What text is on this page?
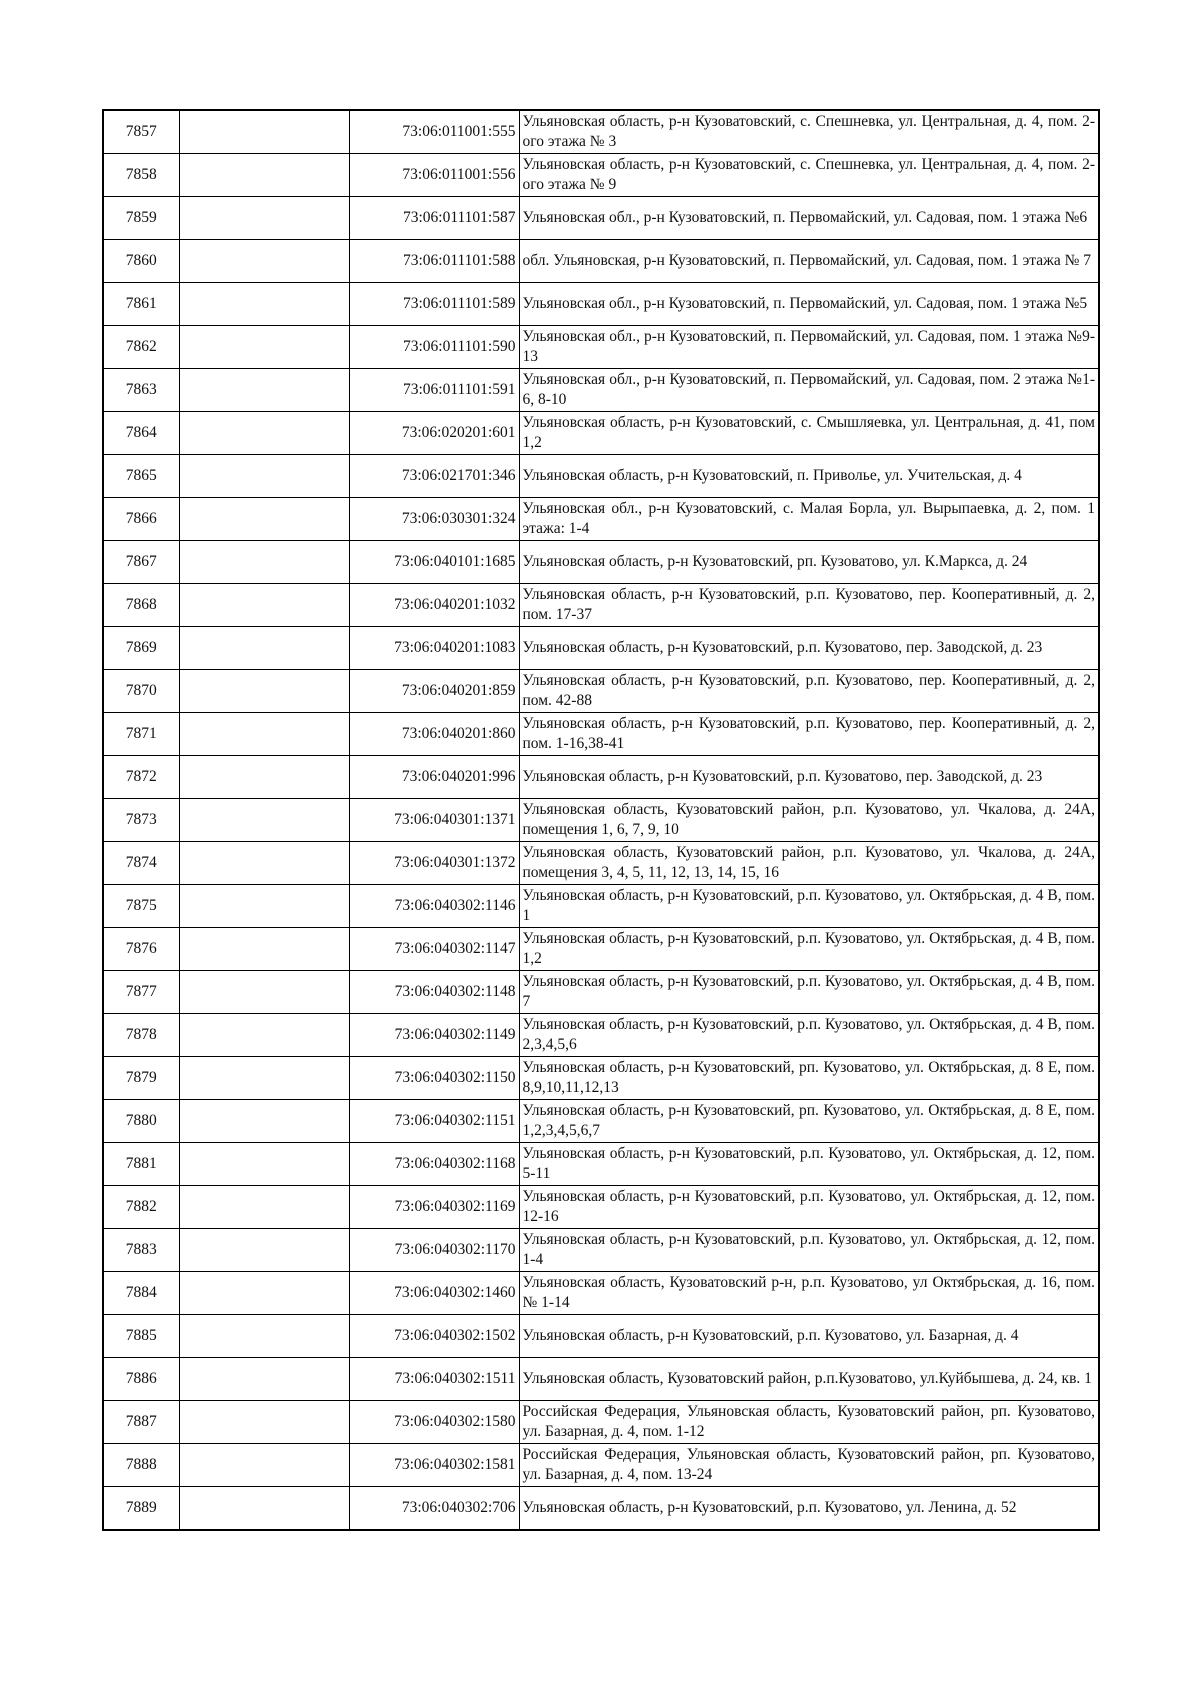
7857		73:06:011001:555	Ульяновская область, р-н Кузоватовский, с. Спешневка, ул. Центральная, д. 4, пом. 2-ого этажа № 3
7858		73:06:011001:556	Ульяновская область, р-н Кузоватовский, с. Спешневка, ул. Центральная, д. 4, пом. 2-ого этажа № 9
7859		73:06:011101:587	Ульяновская обл., р-н Кузоватовский, п. Первомайский, ул. Садовая, пом. 1 этажа №6
7860		73:06:011101:588	обл. Ульяновская, р-н Кузоватовский, п. Первомайский, ул. Садовая, пом. 1 этажа № 7
7861		73:06:011101:589	Ульяновская обл., р-н Кузоватовский, п. Первомайский, ул. Садовая, пом. 1 этажа №5
7862		73:06:011101:590	Ульяновская обл., р-н Кузоватовский, п. Первомайский, ул. Садовая, пом. 1 этажа №9-13
7863		73:06:011101:591	Ульяновская обл., р-н Кузоватовский, п. Первомайский, ул. Садовая, пом. 2 этажа №1-6, 8-10
7864		73:06:020201:601	Ульяновская область, р-н Кузоватовский, с. Смышляевка, ул. Центральная, д. 41, пом 1,2
7865		73:06:021701:346	Ульяновская область, р-н Кузоватовский, п. Приволье, ул. Учительская, д. 4
7866		73:06:030301:324	Ульяновская обл., р-н Кузоватовский, с. Малая Борла, ул. Вырыпаевка, д. 2, пом. 1 этажа: 1-4
7867		73:06:040101:1685	Ульяновская область, р-н Кузоватовский, рп. Кузоватово, ул. К.Маркса, д. 24
7868		73:06:040201:1032	Ульяновская область, р-н Кузоватовский, р.п. Кузоватово, пер. Кооперативный, д. 2, пом. 17-37
7869		73:06:040201:1083	Ульяновская область, р-н Кузоватовский, р.п. Кузоватово, пер. Заводской, д. 23
7870		73:06:040201:859	Ульяновская область, р-н Кузоватовский, р.п. Кузоватово, пер. Кооперативный, д. 2, пом. 42-88
7871		73:06:040201:860	Ульяновская область, р-н Кузоватовский, р.п. Кузоватово, пер. Кооперативный, д. 2, пом. 1-16,38-41
7872		73:06:040201:996	Ульяновская область, р-н Кузоватовский, р.п. Кузоватово, пер. Заводской, д. 23
7873		73:06:040301:1371	Ульяновская область, Кузоватовский район, р.п. Кузоватово, ул. Чкалова, д. 24А, помещения 1, 6, 7, 9, 10
7874		73:06:040301:1372	Ульяновская область, Кузоватовский район, р.п. Кузоватово, ул. Чкалова, д. 24А, помещения 3, 4, 5, 11, 12, 13, 14, 15, 16
7875		73:06:040302:1146	Ульяновская область, р-н Кузоватовский, р.п. Кузоватово, ул. Октябрьская, д. 4 В, пом. 1
7876		73:06:040302:1147	Ульяновская область, р-н Кузоватовский, р.п. Кузоватово, ул. Октябрьская, д. 4 В, пом. 1,2
7877		73:06:040302:1148	Ульяновская область, р-н Кузоватовский, р.п. Кузоватово, ул. Октябрьская, д. 4 В, пом. 7
7878		73:06:040302:1149	Ульяновская область, р-н Кузоватовский, р.п. Кузоватово, ул. Октябрьская, д. 4 В, пом. 2,3,4,5,6
7879		73:06:040302:1150	Ульяновская область, р-н Кузоватовский, рп. Кузоватово, ул. Октябрьская, д. 8 Е, пом. 8,9,10,11,12,13
7880		73:06:040302:1151	Ульяновская область, р-н Кузоватовский, рп. Кузоватово, ул. Октябрьская, д. 8 Е, пом. 1,2,3,4,5,6,7
7881		73:06:040302:1168	Ульяновская область, р-н Кузоватовский, р.п. Кузоватово, ул. Октябрьская, д. 12, пом. 5-11
7882		73:06:040302:1169	Ульяновская область, р-н Кузоватовский, р.п. Кузоватово, ул. Октябрьская, д. 12, пом. 12-16
7883		73:06:040302:1170	Ульяновская область, р-н Кузоватовский, р.п. Кузоватово, ул. Октябрьская, д. 12, пом. 1-4
7884		73:06:040302:1460	Ульяновская область, Кузоватовский р-н, р.п. Кузоватово, ул Октябрьская, д. 16, пом. № 1-14
7885		73:06:040302:1502	Ульяновская область, р-н Кузоватовский, р.п. Кузоватово, ул. Базарная, д. 4
7886		73:06:040302:1511	Ульяновская область, Кузоватовский район, р.п.Кузоватово, ул.Куйбышева, д. 24, кв. 1
7887		73:06:040302:1580	Российская Федерация, Ульяновская область, Кузоватовский район, рп. Кузоватово, ул. Базарная, д. 4, пом. 1-12
7888		73:06:040302:1581	Российская Федерация, Ульяновская область, Кузоватовский район, рп. Кузоватово, ул. Базарная, д. 4, пом. 13-24
7889		73:06:040302:706	Ульяновская область, р-н Кузоватовский, р.п. Кузоватово, ул. Ленина, д. 52
